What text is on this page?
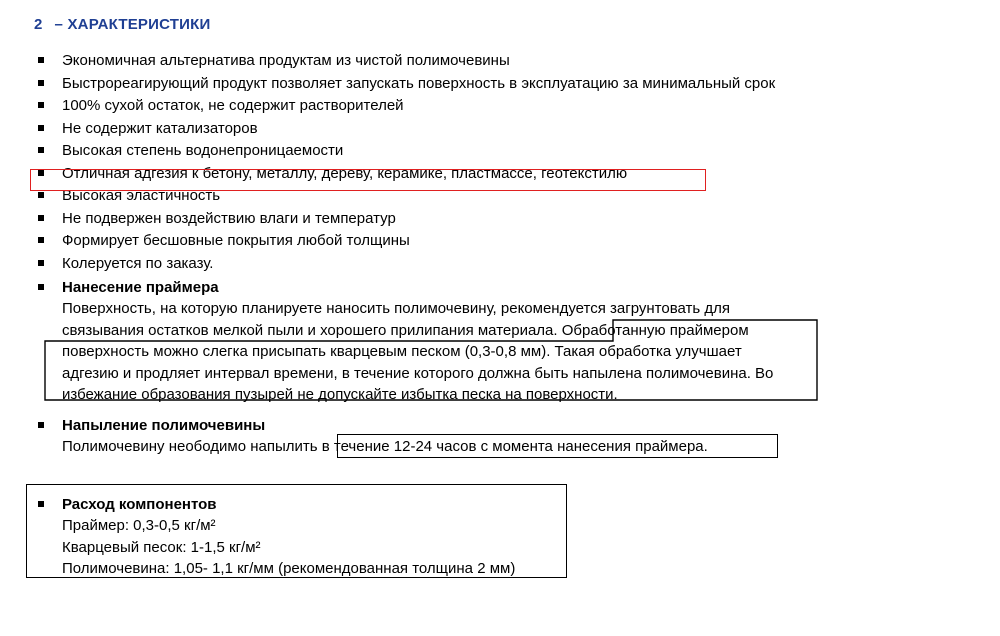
2 – ХАРАКТЕРИСТИКИ
Экономичная альтернатива продуктам из чистой полимочевины
Быстрореагирующий продукт позволяет запускать поверхность в эксплуатацию за минимальный срок
100% сухой остаток, не содержит растворителей
Не содержит катализаторов
Высокая степень водонепроницаемости
Отличная адгезия к бетону, металлу, дереву, керамике, пластмассе, геотекстилю
Высокая эластичность
Не подвержен воздействию влаги и температур
Формирует бесшовные покрытия любой толщины
Колеруется по заказу.
Нанесение праймера
Поверхность, на которую планируете наносить полимочевину, рекомендуется загрунтовать для
связывания остатков мелкой пыли и хорошего прилипания материала. Обработанную праймером
поверхность можно слегка присыпать кварцевым песком (0,3-0,8 мм). Такая обработка улучшает
адгезию и продляет интервал времени, в течение которого должна быть напылена полимочевина. Во
избежание образования пузырей не допускайте избытка песка на поверхности.
Напыление полимочевины
Полимочевину неободимо напылить в течение 12-24 часов с момента нанесения праймера.
Расход компонентов
Праймер: 0,3-0,5 кг/м²
Кварцевый песок: 1-1,5 кг/м²
Полимочевина: 1,05- 1,1 кг/мм (рекомендованная толщина 2 мм)
